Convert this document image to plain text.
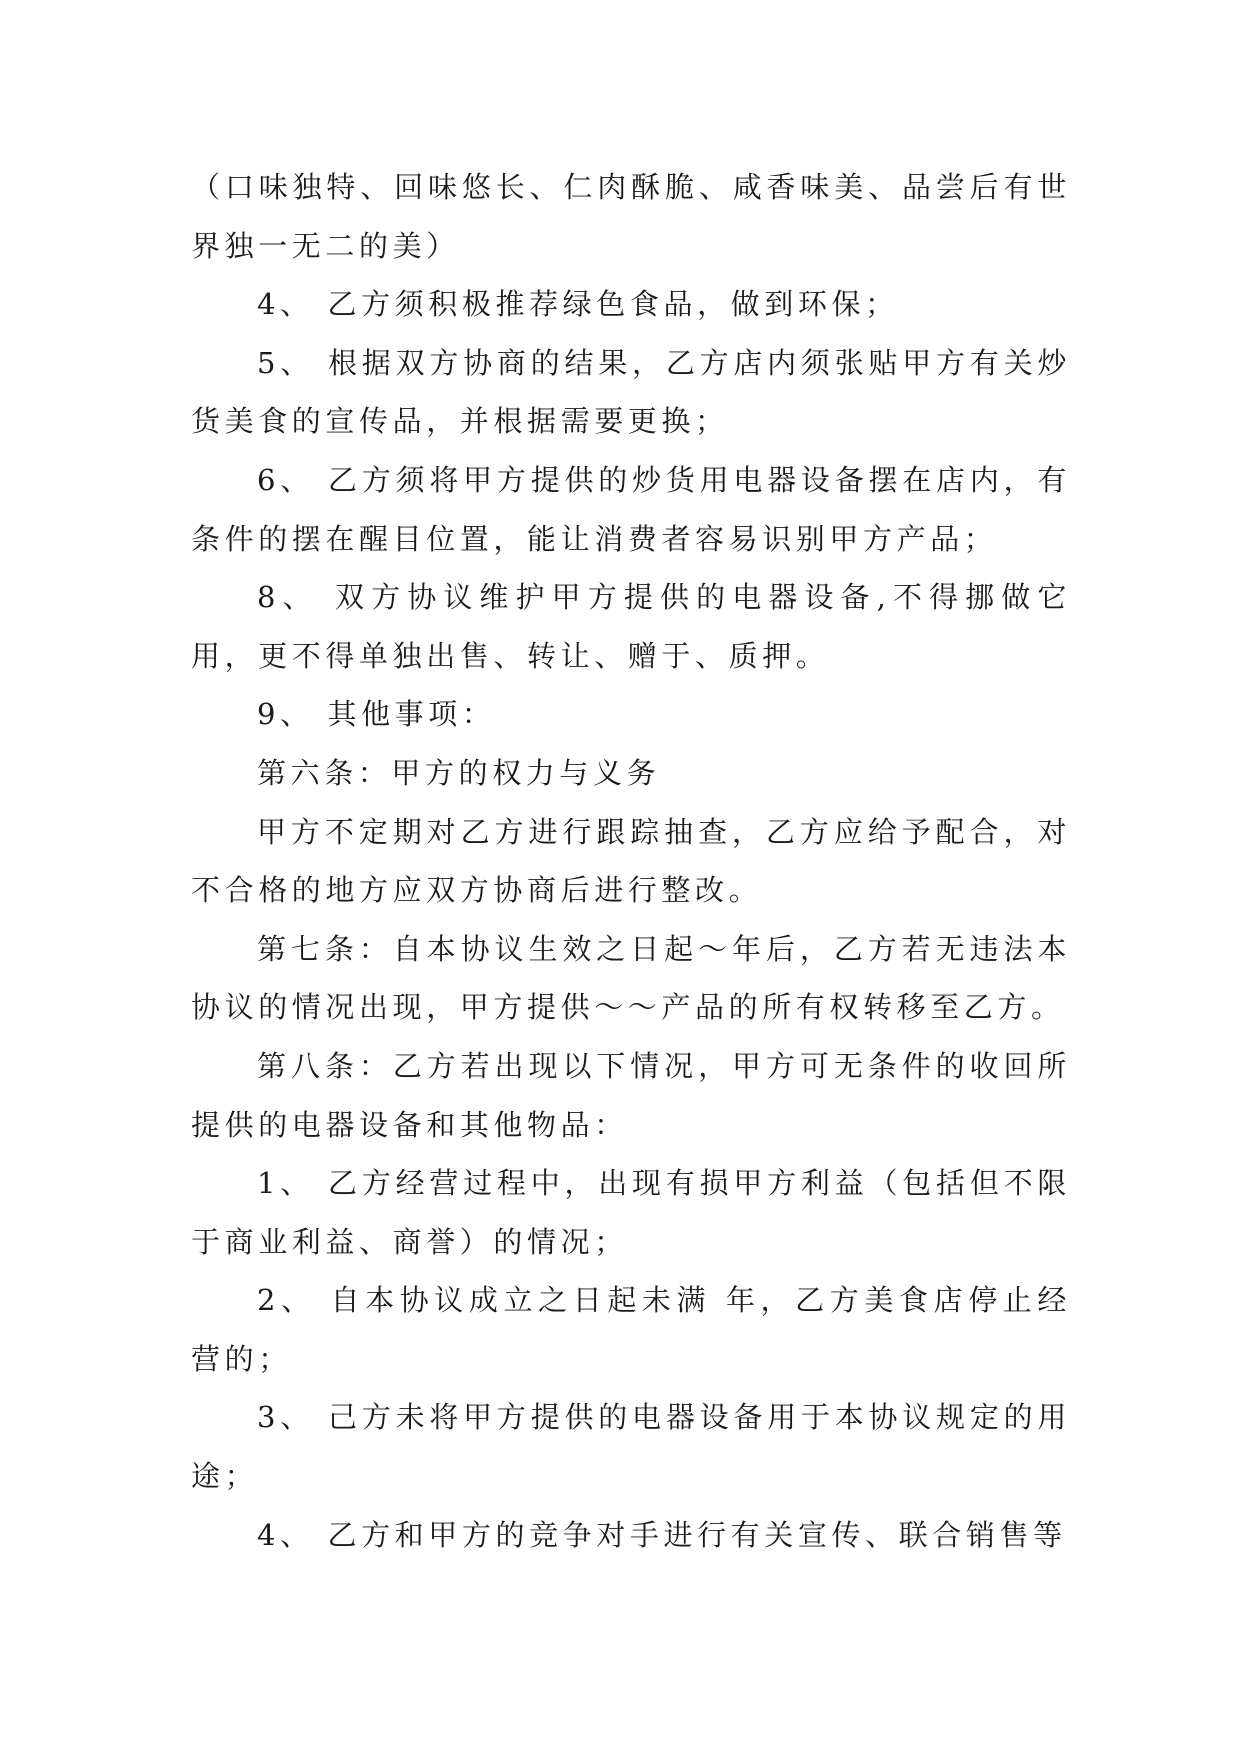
（口味独特、回味悠长、仁肉酥脆、咸香味美、品尝后有世界独一无二的美）

4、 乙方须积极推荐绿色食品，做到环保；

5、 根据双方协商的结果，乙方店内须张贴甲方有关炒货美食的宣传品，并根据需要更换；

6、 乙方须将甲方提供的炒货用电器设备摆在店内，有条件的摆在醒目位置，能让消费者容易识别甲方产品；

8、 双方协议维护甲方提供的电器设备,不得挪做它用，更不得单独出售、转让、赠于、质押。

9、 其他事项：

第六条：甲方的权力与义务

甲方不定期对乙方进行跟踪抽查，乙方应给予配合，对不合格的地方应双方协商后进行整改。

第七条：自本协议生效之日起～年后，乙方若无违法本协议的情况出现，甲方提供～～产品的所有权转移至乙方。

第八条：乙方若出现以下情况，甲方可无条件的收回所提供的电器设备和其他物品：

1、 乙方经营过程中，出现有损甲方利益（包括但不限于商业利益、商誉）的情况；

2、 自本协议成立之日起未满 年，乙方美食店停止经营的；

3、 己方未将甲方提供的电器设备用于本协议规定的用途；

4、 乙方和甲方的竞争对手进行有关宣传、联合销售等
